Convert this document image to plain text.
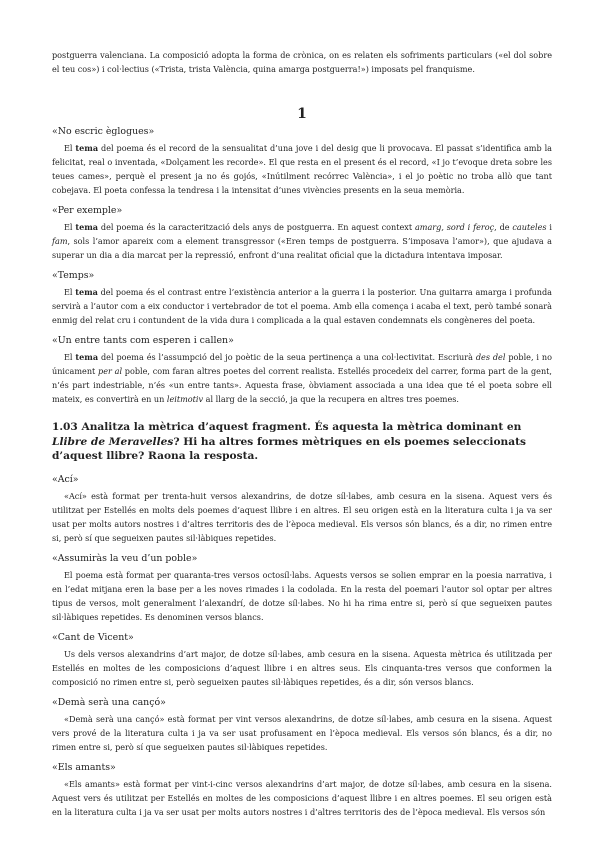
postguerra valenciana. La composició adopta la forma de crònica, on es relaten els sofriments particulars («el dol sobre el teu cos») i col·lectius («Trista, trista València, quina amarga postguerra!») imposats pel franquisme.

1
«No escric èglogues»

El tema del poema és el record de la sensualitat d’una jove i del desig que li provocava. El passat s’identifica amb la felicitat, real o inventada, «Dolçament les recorde». El que resta en el present és el record, «I jo t’evoque dreta sobre les teues cames», perquè el present ja no és gojós, «Inútilment recórrec València», i el jo poètic no troba allò que tant cobejava. El poeta confessa la tendresa i la intensitat d’unes vivències presents en la seua memòria.

«Per exemple»

El tema del poema és la caracterització dels anys de postguerra. En aquest context amarg, sord i feroç, de cauteles i fam, sols l’amor apareix com a element transgressor («Eren temps de postguerra. S’imposava l’amor»), que ajudava a superar un dia a dia marcat per la repressió, enfront d’una realitat oficial que la dictadura intentava imposar.

«Temps»

El tema del poema és el contrast entre l’existència anterior a la guerra i la posterior. Una guitarra amarga i profunda servirà a l’autor com a eix conductor i vertebrador de tot el poema. Amb ella comença i acaba el text, però també sonarà enmig del relat cru i contundent de la vida dura i complicada a la qual estaven condemnats els congèneres del poeta.

«Un entre tants com esperen i callen»

El tema del poema és l’assumpció del jo poètic de la seua pertinença a una col·lectivitat. Escriurà des del poble, i no únicament per al poble, com faran altres poetes del corrent realista. Estellés procedeix del carrer, forma part de la gent, n’és part indestriable, n’és «un entre tants». Aquesta frase, òbviament associada a una idea que té el poeta sobre ell mateix, es convertirà en un leitmotiv al llarg de la secció, ja que la recupera en altres tres poemes.

1.03 Analitza la mètrica d’aquest fragment. És aquesta la mètrica dominant en Llibre de Meravelles? Hi ha altres formes mètriques en els poemes seleccionats d’aquest llibre? Raona la resposta.

«Ací»

«Ací» està format per trenta-huit versos alexandrins, de dotze síl·labes, amb cesura en la sisena. Aquest vers és utilitzat per Estellés en molts dels poemes d’aquest llibre i en altres. El seu origen està en la literatura culta i ja va ser usat per molts autors nostres i d’altres territoris des de l’època medieval. Els versos són blancs, és a dir, no rimen entre si, però sí que segueixen pautes sil·làbiques repetides.

«Assumiràs la veu d’un poble»

El poema està format per quaranta-tres versos octosíl·labs. Aquests versos se solien emprar en la poesia narrativa, i en l’edat mitjana eren la base per a les noves rimades i la codolada. En la resta del poemari l’autor sol optar per altres tipus de versos, molt generalment l’alexandrí, de dotze síl·labes. No hi ha rima entre si, però sí que segueixen pautes sil·làbiques repetides. Es denominen versos blancs.

«Cant de Vicent»

Us dels versos alexandrins d’art major, de dotze síl·labes, amb cesura en la sisena. Aquesta mètrica és utilitzada per Estellés en moltes de les composicions d’aquest llibre i en altres seus. Els cinquanta-tres versos que conformen la composició no rimen entre si, però segueixen pautes sil·làbiques repetides, és a dir, són versos blancs.

«Demà serà una cançó»

«Demà serà una cançó» està format per vint versos alexandrins, de dotze síl·labes, amb cesura en la sisena. Aquest vers prové de la literatura culta i ja va ser usat profusament en l’època medieval. Els versos són blancs, és a dir, no rimen entre si, però sí que segueixen pautes sil·làbiques repetides.

«Els amants»

«Els amants» està format per vint-i-cinc versos alexandrins d’art major, de dotze síl·labes, amb cesura en la sisena. Aquest vers és utilitzat per Estellés en moltes de les composicions d’aquest llibre i en altres poemes. El seu origen està en la literatura culta i ja va ser usat per molts autors nostres i d’altres territoris des de l’època medieval. Els versos són
